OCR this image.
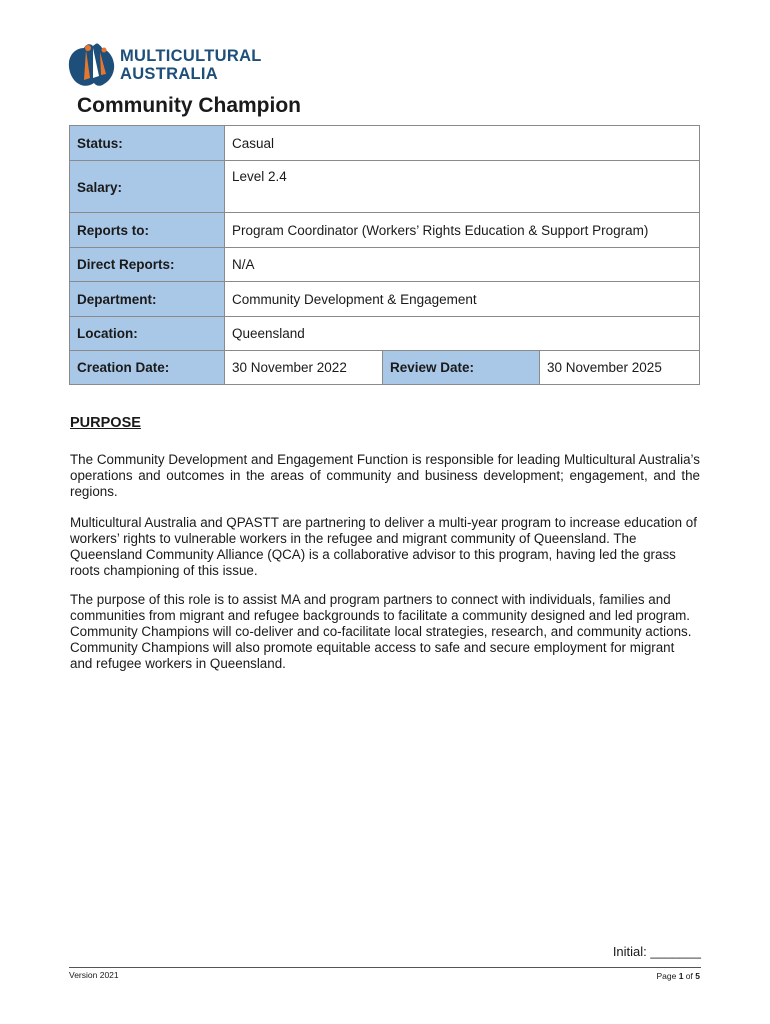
MULTICULTURAL
AUSTRALIA
Community Champion
Status:	Casual		
Salary:	Level 2.4		
Reports to:	Program Coordinator (Workers’ Rights Education & Support Program)		
Direct Reports:	N/A		
Department:	Community Development & Engagement		
Location:	Queensland		
Creation Date:	30 November 2022	Review Date:	30 November 2025
PURPOSE

The Community Development and Engagement Function is responsible for leading Multicultural Australia’s operations and outcomes in the areas of community and business development; engagement, and the regions.

Multicultural Australia and QPASTT are partnering to deliver a multi-year program to increase education of workers’ rights to vulnerable workers in the refugee and migrant community of Queensland. The Queensland Community Alliance (QCA) is a collaborative advisor to this program, having led the grass roots championing of this issue.

The purpose of this role is to assist MA and program partners to connect with individuals, families and communities from migrant and refugee backgrounds to facilitate a community designed and led program. Community Champions will co-deliver and co-facilitate local strategies, research, and community actions. Community Champions will also promote equitable access to safe and secure employment for migrant and refugee workers in Queensland.

Initial: _______
Version 2021	Page 1 of 5
